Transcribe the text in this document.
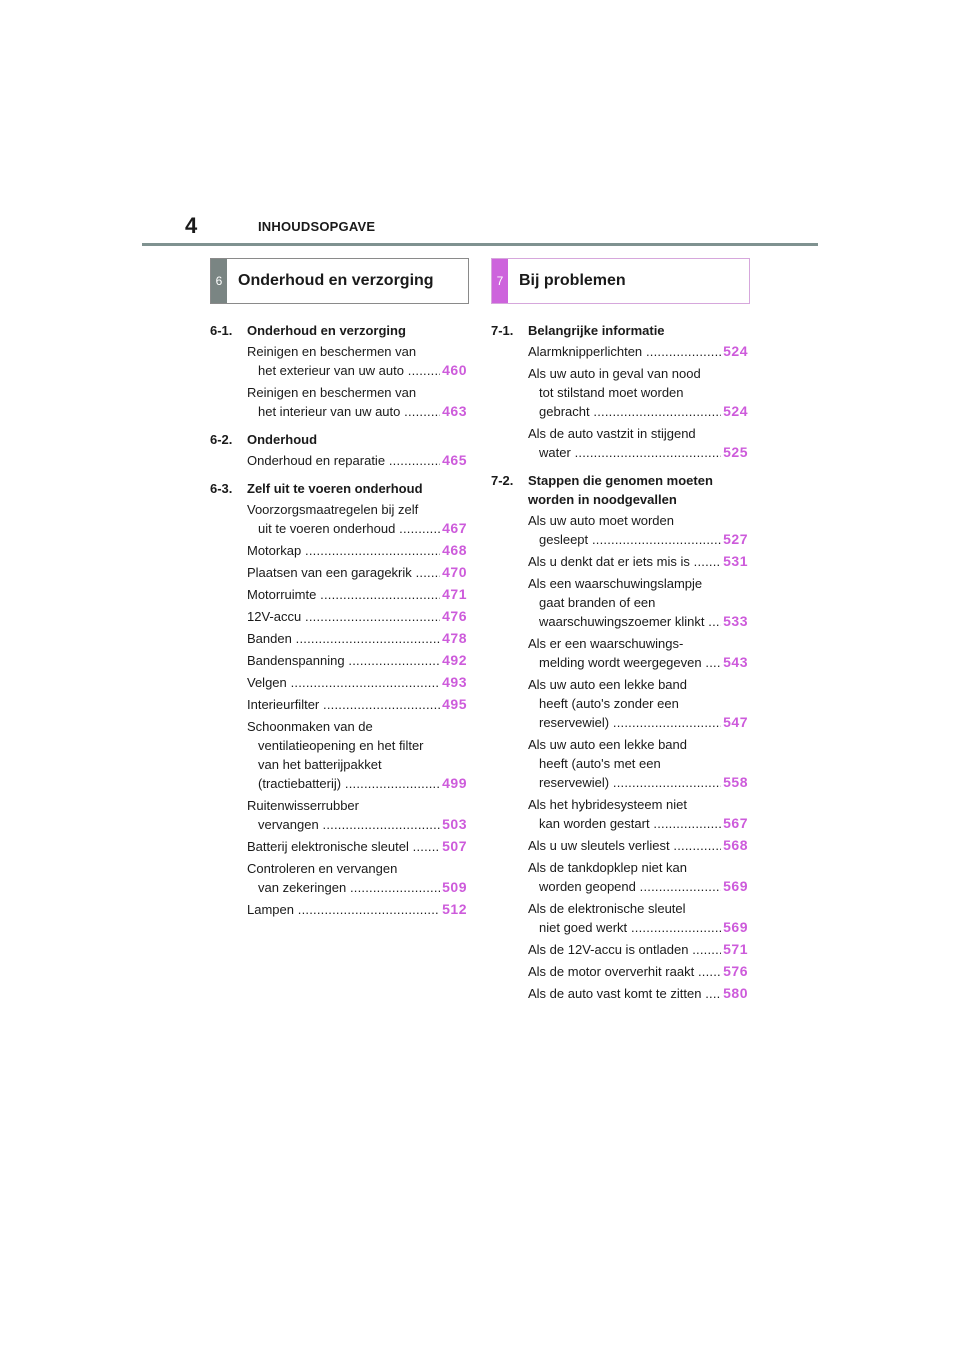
4	INHOUDSOPGAVE
6 Onderhoud en verzorging	7 Bij problemen
6-1.	Onderhoud en verzorging
Reinigen en beschermen van
het exterieur van uw auto .....	460
Reinigen en beschermen van
het interieur van uw auto .....	463
6-2.	Onderhoud
Onderhoud en reparatie .....	465
6-3.	Zelf uit te voeren onderhoud
Voorzorgsmaatregelen bij zelf
uit te voeren onderhoud .....	467
Motorkap .....	468
Plaatsen van een garagekrik .....	470
Motorruimte .....	471
12V-accu .....	476
Banden .....	478
Bandenspanning .....	492
Velgen .....	493
Interieurfilter .....	495
Schoonmaken van de
ventilatieopening en het filter
van het batterijpakket
(tractiebatterij) .....	499
Ruitenwisserrubber
vervangen .....	503
Batterij elektronische sleutel .....	507
Controleren en vervangen
van zekeringen .....	509
Lampen .....	512
7-1.	Belangrijke informatie
Alarmknipperlichten .....	524
Als uw auto in geval van nood
tot stilstand moet worden
gebracht .....	524
Als de auto vastzit in stijgend
water .....	525
7-2.	Stappen die genomen moeten worden in noodgevallen
Als uw auto moet worden
gesleept .....	527
Als u denkt dat er iets mis is .....	531
Als een waarschuwingslampje
gaat branden of een
waarschuwingszoemer klinkt .....	533
Als er een waarschuwings-
melding wordt weergegeven .....	543
Als uw auto een lekke band
heeft (auto's zonder een
reservewiel) .....	547
Als uw auto een lekke band
heeft (auto's met een
reservewiel) .....	558
Als het hybridesysteem niet
kan worden gestart .....	567
Als u uw sleutels verliest .....	568
Als de tankdopklep niet kan
worden geopend .....	569
Als de elektronische sleutel
niet goed werkt .....	569
Als de 12V-accu is ontladen .....	571
Als de motor oververhit raakt .....	576
Als de auto vast komt te zitten .....	580
